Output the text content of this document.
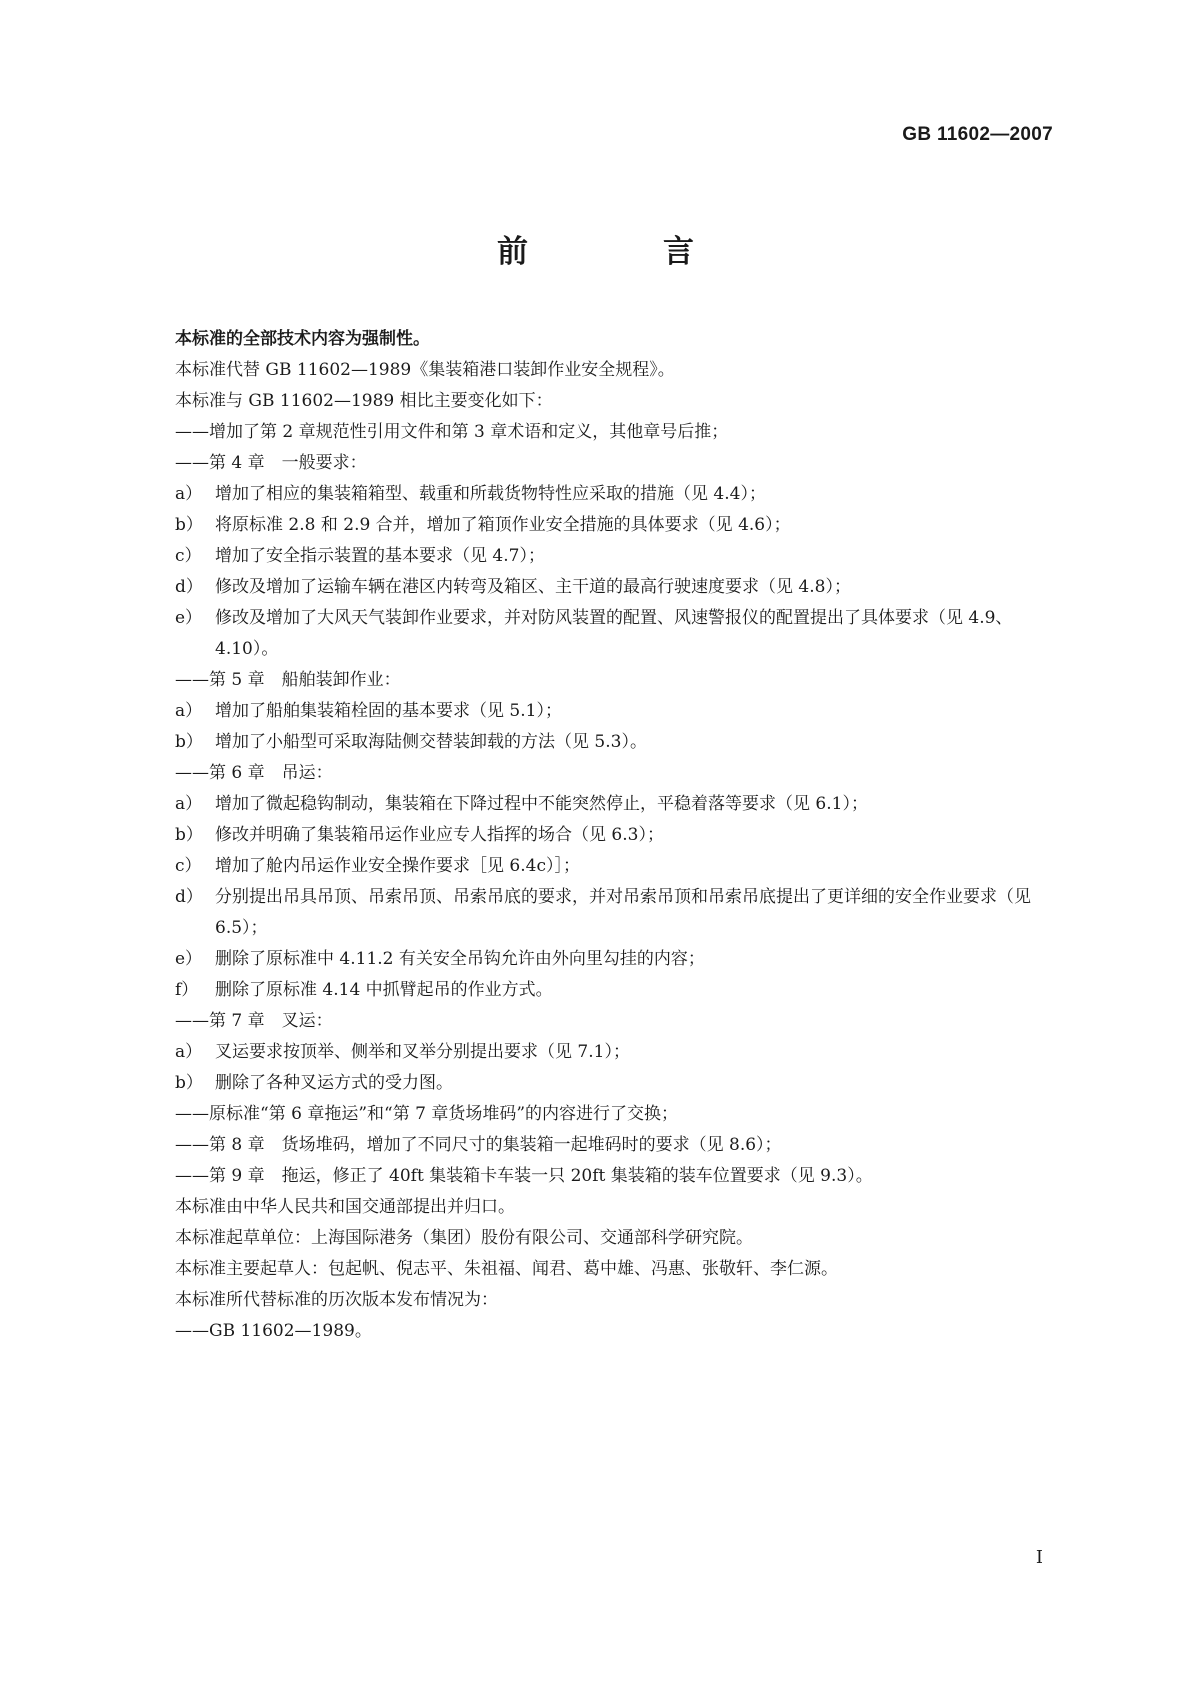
GB 11602—2007
前　言
本标准的全部技术内容为强制性。
本标准代替 GB 11602—1989《集装箱港口装卸作业安全规程》。
本标准与 GB 11602—1989 相比主要变化如下：
——增加了第 2 章规范性引用文件和第 3 章术语和定义，其他章号后推；
——第 4 章　一般要求：
a） 增加了相应的集装箱箱型、载重和所载货物特性应采取的措施（见 4.4）；
b） 将原标准 2.8 和 2.9 合并，增加了箱顶作业安全措施的具体要求（见 4.6）；
c） 增加了安全指示装置的基本要求（见 4.7）；
d） 修改及增加了运输车辆在港区内转弯及箱区、主干道的最高行驶速度要求（见 4.8）；
e） 修改及增加了大风天气装卸作业要求，并对防风装置的配置、风速警报仪的配置提出了具体要求（见 4.9、4.10）。
——第 5 章　船舶装卸作业：
a） 增加了船舶集装箱栓固的基本要求（见 5.1）；
b） 增加了小船型可采取海陆侧交替装卸载的方法（见 5.3）。
——第 6 章　吊运：
a） 增加了微起稳钩制动，集装箱在下降过程中不能突然停止，平稳着落等要求（见 6.1）；
b） 修改并明确了集装箱吊运作业应专人指挥的场合（见 6.3）；
c） 增加了舱内吊运作业安全操作要求［见 6.4c）］；
d） 分别提出吊具吊顶、吊索吊顶、吊索吊底的要求，并对吊索吊顶和吊索吊底提出了更详细的安全作业要求（见 6.5）；
e） 删除了原标准中 4.11.2 有关安全吊钩允许由外向里勾挂的内容；
f） 删除了原标准 4.14 中抓臂起吊的作业方式。
——第 7 章　叉运：
a） 叉运要求按顶举、侧举和叉举分别提出要求（见 7.1）；
b） 删除了各种叉运方式的受力图。
——原标准“第 6 章拖运”和“第 7 章货场堆码”的内容进行了交换；
——第 8 章　货场堆码，增加了不同尺寸的集装箱一起堆码时的要求（见 8.6）；
——第 9 章　拖运，修正了 40ft 集装箱卡车装一只 20ft 集装箱的装车位置要求（见 9.3）。
本标准由中华人民共和国交通部提出并归口。
本标准起草单位：上海国际港务（集团）股份有限公司、交通部科学研究院。
本标准主要起草人：包起帆、倪志平、朱祖福、闻君、葛中雄、冯惠、张敬轩、李仁源。
本标准所代替标准的历次版本发布情况为：
——GB 11602—1989。
I
